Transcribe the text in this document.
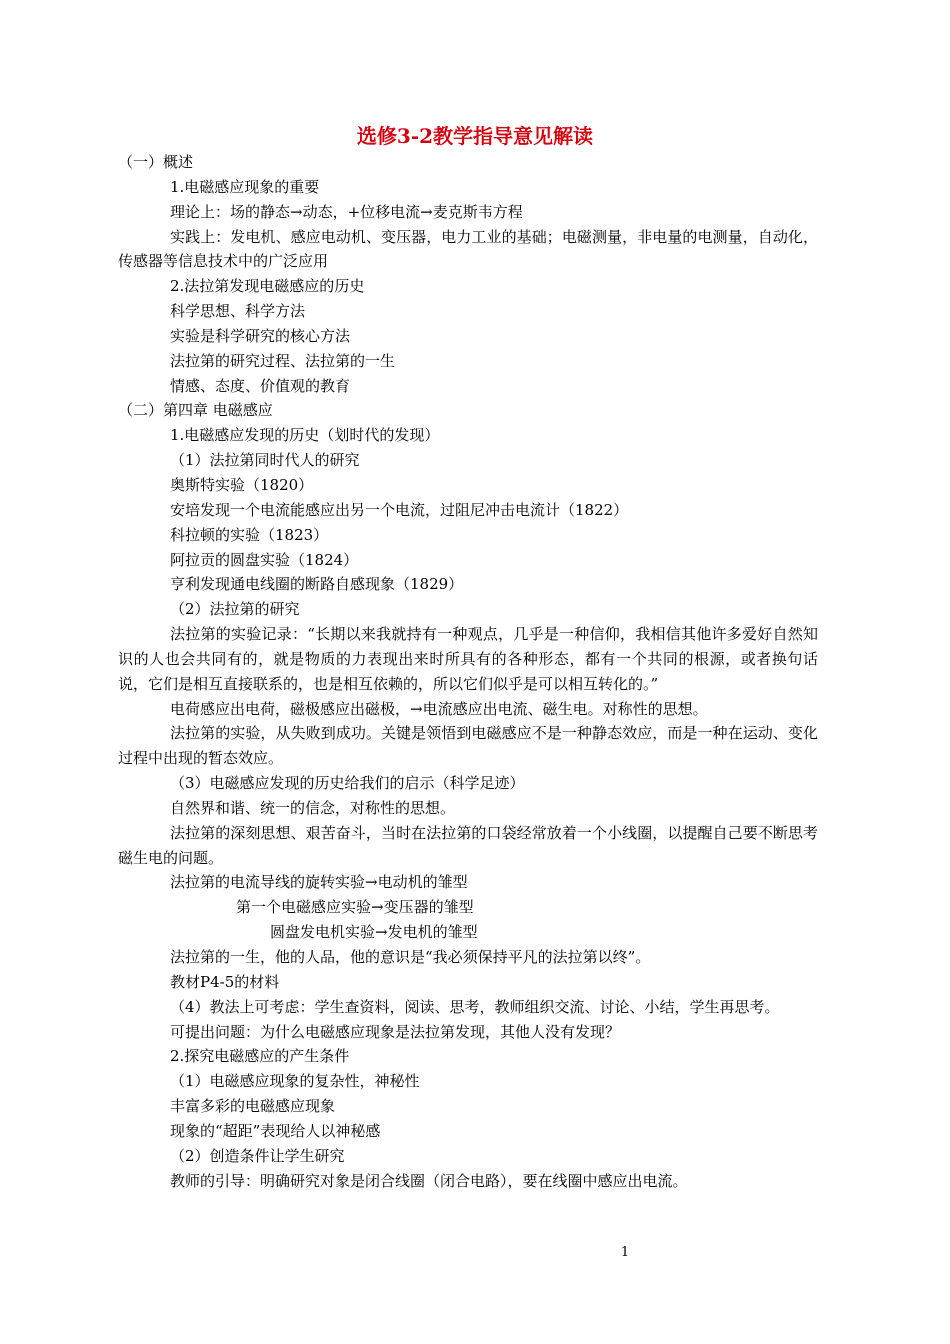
选修3-2教学指导意见解读
（一）概述
1.电磁感应现象的重要
理论上：场的静态→动态，+位移电流→麦克斯韦方程
实践上：发电机、感应电动机、变压器，电力工业的基础；电磁测量，非电量的电测量，自动化，传感器等信息技术中的广泛应用
2.法拉第发现电磁感应的历史
科学思想、科学方法
实验是科学研究的核心方法
法拉第的研究过程、法拉第的一生
情感、态度、价值观的教育
（二）第四章 电磁感应
1.电磁感应发现的历史（划时代的发现）
（1）法拉第同时代人的研究
奥斯特实验（1820）
安培发现一个电流能感应出另一个电流，过阻尼冲击电流计（1822）
科拉顿的实验（1823）
阿拉贡的圆盘实验（1824）
亨利发现通电线圈的断路自感现象（1829）
（2）法拉第的研究
法拉第的实验记录：“长期以来我就持有一种观点，几乎是一种信仰，我相信其他许多爱好自然知识的人也会共同有的，就是物质的力表现出来时所具有的各种形态，都有一个共同的根源，或者换句话说，它们是相互直接联系的，也是相互依赖的，所以它们似乎是可以相互转化的。”
电荷感应出电荷，磁极感应出磁极，→电流感应出电流、磁生电。对称性的思想。
法拉第的实验，从失败到成功。关键是领悟到电磁感应不是一种静态效应，而是一种在运动、变化过程中出现的暂态效应。
（3）电磁感应发现的历史给我们的启示（科学足迹）
自然界和谐、统一的信念，对称性的思想。
法拉第的深刻思想、艰苦奋斗，当时在法拉第的口袋经常放着一个小线圈，以提醒自己要不断思考磁生电的问题。
法拉第的电流导线的旋转实验→电动机的雏型
第一个电磁感应实验→变压器的雏型
圆盘发电机实验→发电机的雏型
法拉第的一生，他的人品，他的意识是“我必须保持平凡的法拉第以终”。
教材P4-5的材料
（4）教法上可考虑：学生查资料，阅读、思考，教师组织交流、讨论、小结，学生再思考。
可提出问题：为什么电磁感应现象是法拉第发现，其他人没有发现？
2.探究电磁感应的产生条件
（1）电磁感应现象的复杂性，神秘性
丰富多彩的电磁感应现象
现象的“超距”表现给人以神秘感
（2）创造条件让学生研究
教师的引导：明确研究对象是闭合线圈（闭合电路），要在线圈中感应出电流。
1
